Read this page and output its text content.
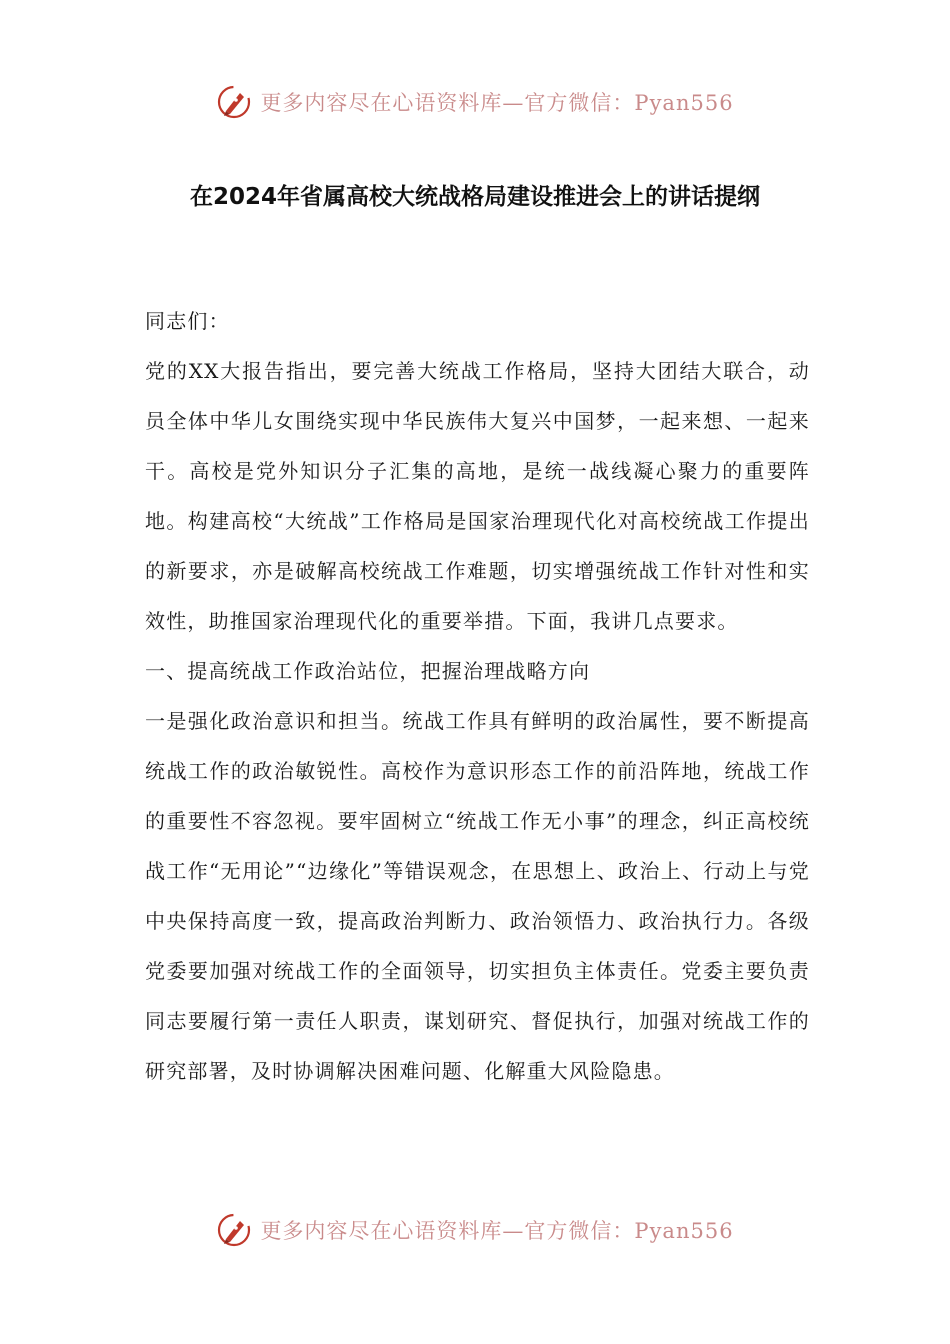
更多内容尽在心语资料库—官方微信：Pyan556
在2024年省属高校大统战格局建设推进会上的讲话提纲

同志们：

党的XX大报告指出，要完善大统战工作格局，坚持大团结大联合，动员全体中华儿女围绕实现中华民族伟大复兴中国梦，一起来想、一起来干。高校是党外知识分子汇集的高地，是统一战线凝心聚力的重要阵地。构建高校“大统战”工作格局是国家治理现代化对高校统战工作提出的新要求，亦是破解高校统战工作难题，切实增强统战工作针对性和实效性，助推国家治理现代化的重要举措。下面，我讲几点要求。

一、提高统战工作政治站位，把握治理战略方向

一是强化政治意识和担当。统战工作具有鲜明的政治属性，要不断提高统战工作的政治敏锐性。高校作为意识形态工作的前沿阵地，统战工作的重要性不容忽视。要牢固树立“统战工作无小事”的理念，纠正高校统战工作“无用论”“边缘化”等错误观念，在思想上、政治上、行动上与党中央保持高度一致，提高政治判断力、政治领悟力、政治执行力。各级党委要加强对统战工作的全面领导，切实担负主体责任。党委主要负责同志要履行第一责任人职责，谋划研究、督促执行，加强对统战工作的研究部署，及时协调解决困难问题、化解重大风险隐患。

更多内容尽在心语资料库—官方微信：Pyan556
